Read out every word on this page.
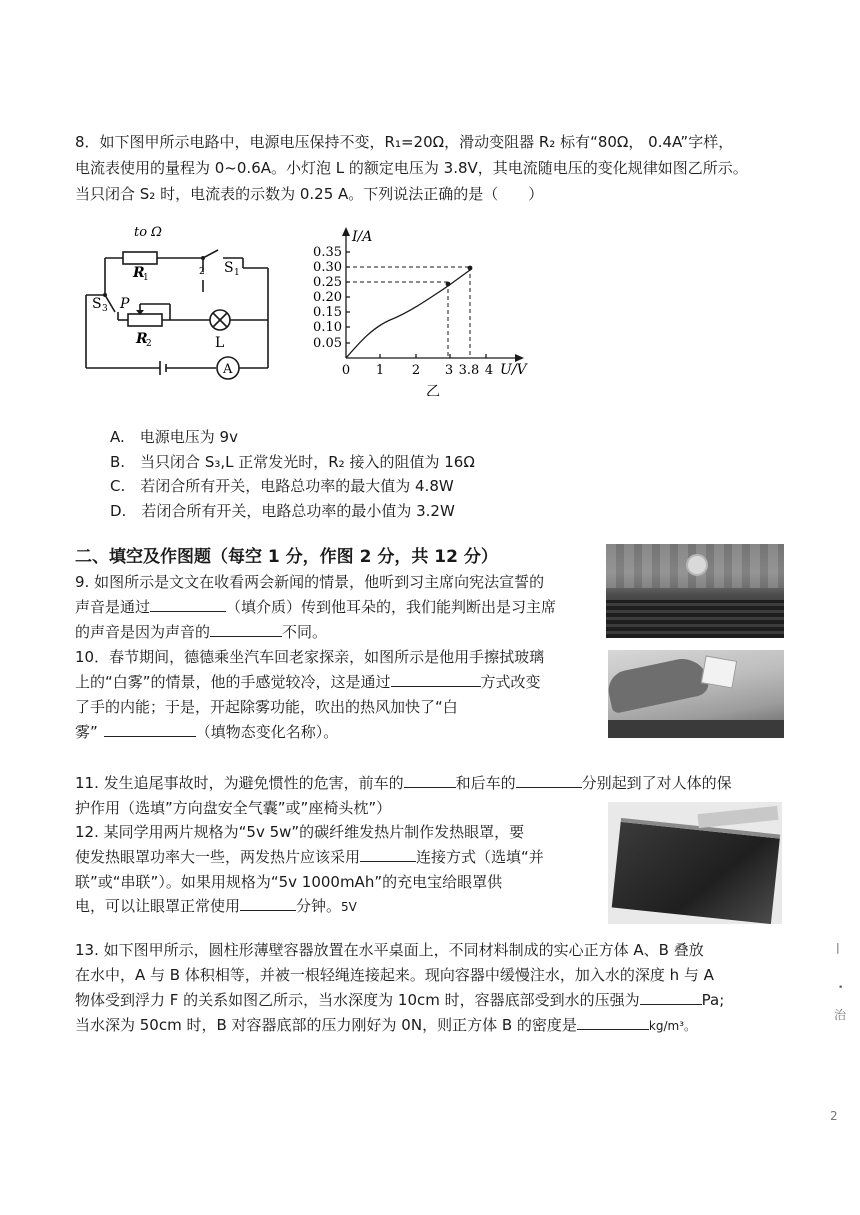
8．如下图甲所示电路中，电源电压保持不变，R₁=20Ω，滑动变阻器 R₂ 标有“80Ω， 0.4A”字样，
电流表使用的量程为 0~0.6A。小灯泡 L 的额定电压为 3.8V，其电流随电压的变化规律如图乙所示。
当只闭合 S₂ 时，电流表的示数为 0.25 A。下列说法正确的是（　　）
to Ω
R
1
S 1
2
S 3 P
R
2	L
A
I/A
U/V
0.35
0.30
0.25
0.20
0.15
0.10
0.05
0 1 2 3 3.8 4
乙
A.　电源电压为 9v
B.　当只闭合 S₃,L 正常发光时，R₂ 接入的阻值为 16Ω
C.　若闭合所有开关，电路总功率的最大值为 4.8W
D.　若闭合所有开关，电路总功率的最小值为 3.2W
二、填空及作图题（每空 1 分，作图 2 分，共 12 分）
9. 如图所示是文文在收看两会新闻的情景，他听到习主席向宪法宣誓的
声音是通过	（填介质）传到他耳朵的，我们能判断出是习主席
的声音是因为声音的	不同。
10．春节期间，德德乘坐汽车回老家探亲，如图所示是他用手擦拭玻璃
上的“白雾”的情景，他的手感觉较冷，这是通过	方式改变
了手的内能；于是，开起除雾功能，吹出的热风加快了“白
雾”	（填物态变化名称）。
11. 发生追尾事故时，为避免惯性的危害，前车的	和后车的	分别起到了对人体的保
护作用（选填”方向盘安全气囊”或”座椅头枕”）
12. 某同学用两片规格为“5v 5w”的碳纤维发热片制作发热眼罩，要
使发热眼罩功率大一些，两发热片应该采用	连接方式（选填“并
联”或“串联”）。如果用规格为“5v 1000mAh”的充电宝给眼罩供
电，可以让眼罩正常使用	分钟。5V
13. 如下图甲所示，圆柱形薄壁容器放置在水平桌面上，不同材料制成的实心正方体 A、B 叠放
在水中，A 与 B 体积相等，并被一根轻绳连接起来。现向容器中缓慢注水，加入水的深度 h 与 A
物体受到浮力 F 的关系如图乙所示，当水深度为 10cm 时，容器底部受到水的压强为	Pa;
当水深为 50cm 时，B 对容器底部的压力刚好为 0N，则正方体 B 的密度是	kg/m³。
|
•
治
2
